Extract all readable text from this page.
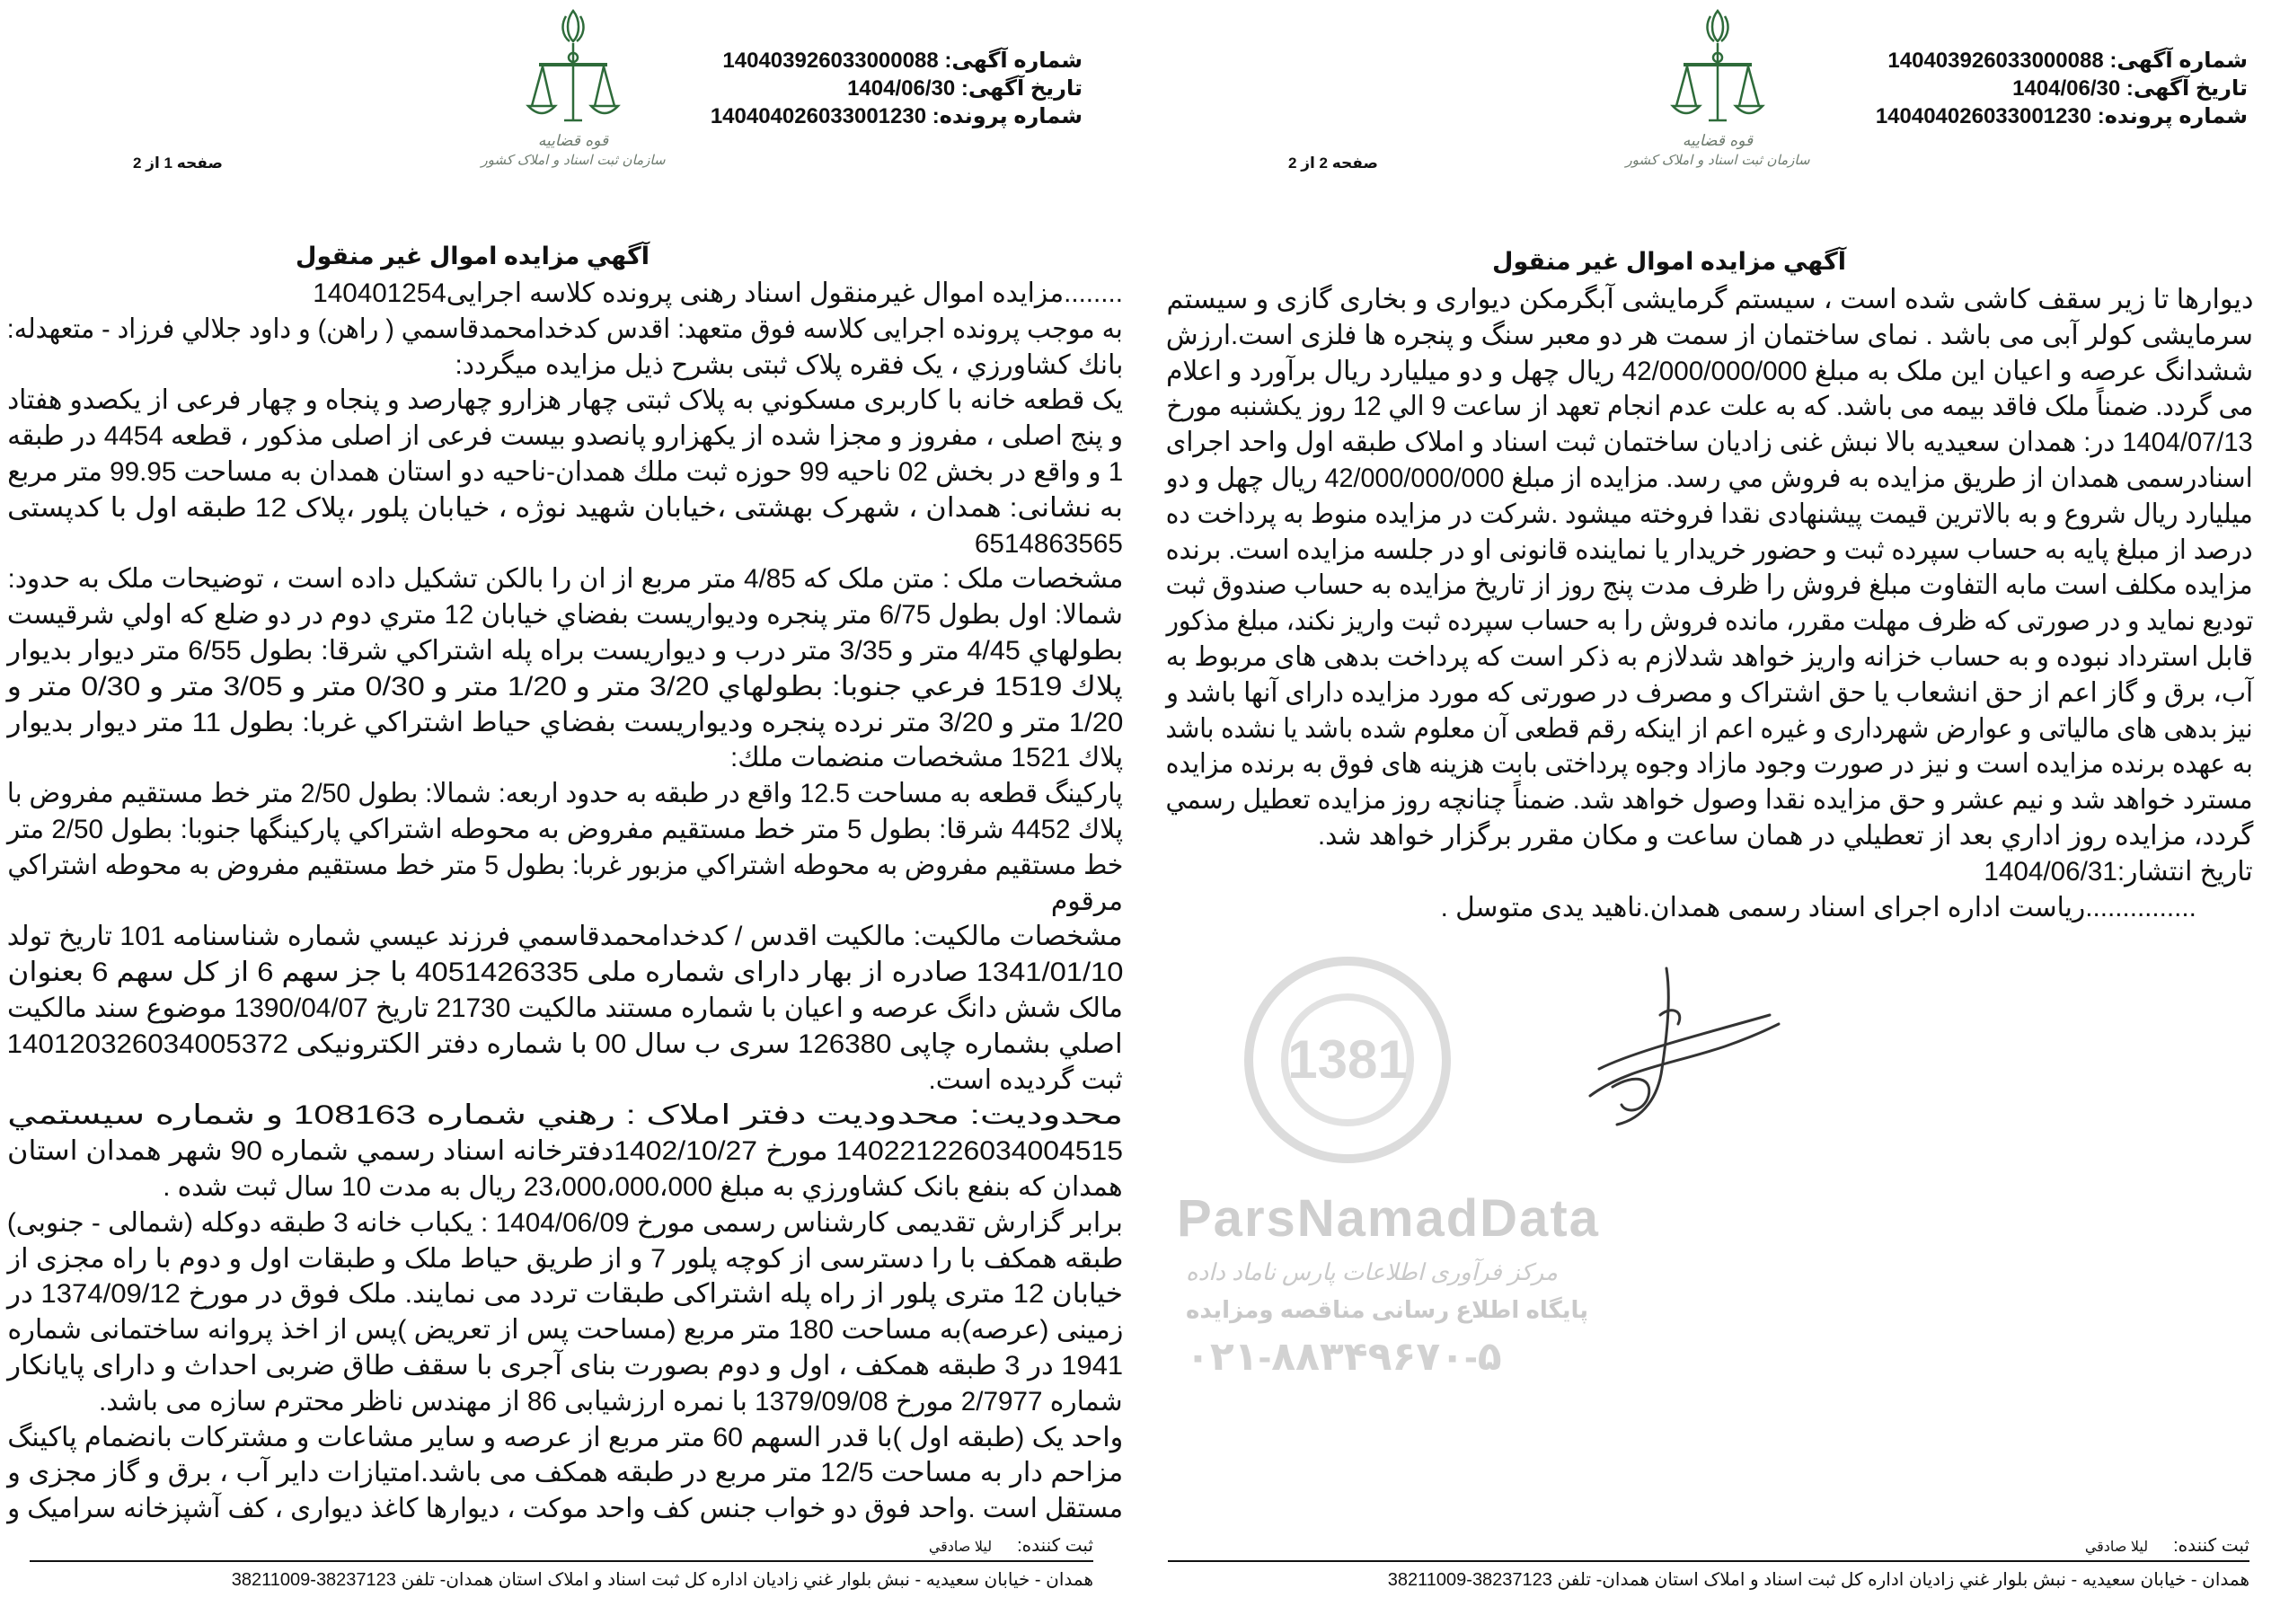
1381
ParsNamadData
مرکز فرآوری اطلاعات پارس ناماد داده
پایگاه اطلاع رسانی مناقصه ومزایده
۰۲۱-۸۸۳۴۹۶۷۰-۵
شماره آگهی: 140403926033000088
تاریخ آگهی: 1404/06/30
شماره پرونده: 140404026033001230
قوه قضاییه
سازمان ثبت اسناد و املاک کشور
صفحه 1 از 2
آگهي مزايده اموال غير منقول
........مزایده اموال غیرمنقول اسناد رهنی پرونده کلاسه اجرایی140401254
به موجب پرونده اجرایی کلاسه فوق متعهد: اقدس کدخدامحمدقاسمي ( راهن) و داود جلالي فرزاد - متعهدله:
بانك کشاورزي ، یک فقره پلاک ثبتی بشرح ذیل مزایده میگردد:
یک قطعه خانه با کاربری مسکوني به پلاک ثبتی چهار هزارو چهارصد و پنجاه و چهار فرعی از یکصدو هفتاد
و پنج اصلی ، مفروز و مجزا شده از یکهزارو پانصدو بیست فرعی از اصلی مذکور ، قطعه 4454 در طبقه
1 و واقع در بخش 02 ناحیه 99 حوزه ثبت ملك همدان-ناحیه دو استان همدان به مساحت 99.95 متر مربع
به نشانی: همدان ، شهرک بهشتی ،خیابان شهید نوژه ، خیابان پلور ،پلاک 12 طبقه اول با کدپستی
6514863565
مشخصات ملک : متن ملک که 4/85 متر مربع از ان را بالکن تشکیل داده است ، توضیحات ملک به حدود:
شمالا: اول بطول 6/75 متر پنجره وديواريست بفضاي خيابان 12 متري دوم در دو ضلع که اولي شرقيست
بطولهاي 4/45 متر و 3/35 متر درب و ديواريست براه پله اشتراکي شرقا: بطول 6/55 متر ديوار بديوار
پلاك 1519 فرعي جنوبا: بطولهاي 3/20 متر و 1/20 متر و 0/30 متر و 3/05 متر و 0/30 متر و
1/20 متر و 3/20 متر نرده پنجره وديواريست بفضاي حياط اشتراکي غربا: بطول 11 متر ديوار بديوار
پلاك 1521 مشخصات منضمات ملك:
پارکینگ قطعه به مساحت 12.5 واقع در طبقه به حدود اربعه: شمالا: بطول 2/50 متر خط مستقیم مفروض با
پلاك 4452 شرقا: بطول 5 متر خط مستقيم مفروض به محوطه اشتراکي پارکينگها جنوبا: بطول 2/50 متر
خط مستقيم مفروض به محوطه اشتراکي مزبور غربا: بطول 5 متر خط مستقيم مفروض به محوطه اشتراکي
مرقوم
مشخصات مالکیت: مالکیت اقدس / کدخدامحمدقاسمي فرزند عيسي شماره شناسنامه 101 تاريخ تولد
1341/01/10 صادره از بهار دارای شماره ملی 4051426335 با جز سهم 6 از کل سهم 6 بعنوان
مالک شش دانگ عرصه و اعیان با شماره مستند مالکیت 21730 تاریخ 1390/04/07 موضوع سند مالکیت
اصلي بشماره چاپی 126380 سری ب سال 00 با شماره دفتر الکترونیکی 140120326034005372
ثبت گردیده است.
محدودیت: محدوديت دفتر املاک : رهني شماره 108163 و شماره سيستمي
140221226034004515 مورخ 1402/10/27دفترخانه اسناد رسمي شماره 90 شهر همدان استان
همدان که بنفع بانک کشاورزي به مبلغ 23،000،000،000 ريال به مدت 10 سال ثبت شده .
برابر گزارش تقدیمی کارشناس رسمی مورخ 1404/06/09 : یکباب خانه 3 طبقه دوکله (شمالی - جنوبی)
طبقه همکف با را دسترسی از کوچه پلور 7 و از طریق حیاط ملک و طبقات اول و دوم با راه مجزی از
خیابان 12 متری پلور از راه پله اشتراکی طبقات تردد می نمایند. ملک فوق در مورخ 1374/09/12 در
زمینی (عرصه)به مساحت 180 متر مربع (مساحت پس از تعریض )پس از اخذ پروانه ساختمانی شماره
1941 در 3 طبقه همکف ، اول و دوم بصورت بنای آجری با سقف طاق ضربی احداث و دارای پایانکار
شماره 2/7977 مورخ 1379/09/08 با نمره ارزشیابی 86 از مهندس ناظر محترم سازه می باشد.
واحد یک (طبقه اول )با قدر السهم 60 متر مربع از عرصه و سایر مشاعات و مشترکات بانضمام پاکینگ
مزاحم دار به مساحت 12/5 متر مربع در طبقه همکف می باشد.امتیازات دایر آب ، برق و گاز مجزی و
مستقل است .واحد فوق دو خواب جنس کف واحد موکت ، دیوارها کاغذ دیواری ، کف آشپزخانه سرامیک و
ثبت کننده:لیلا صادقي
همدان - خیابان سعیدیه - نبش بلوار غني زادیان اداره کل ثبت اسناد و املاک استان همدان- تلفن 38237123-38211009
شماره آگهی: 140403926033000088
تاریخ آگهی: 1404/06/30
شماره پرونده: 140404026033001230
قوه قضاییه
سازمان ثبت اسناد و املاک کشور
صفحه 2 از 2
آگهي مزايده اموال غير منقول
دیوارها تا زیر سقف کاشی شده است ، سیستم گرمایشی آبگرمکن دیواری و بخاری گازی و سیستم
سرمایشی کولر آبی می باشد . نمای ساختمان از سمت هر دو معبر سنگ و پنجره ها فلزی است.ارزش
ششدانگ عرصه و اعیان این ملک به مبلغ 42/000/000/000 ریال چهل و دو میلیارد ریال برآورد و اعلام
می گردد. ضمناً ملک فاقد بیمه می باشد. که به علت عدم انجام تعهد از ساعت 9 الي 12 روز یکشنبه مورخ
1404/07/13 در: همدان سعیدیه بالا نبش غنی زادیان ساختمان ثبت اسناد و املاک طبقه اول واحد اجرای
اسنادرسمی همدان از طریق مزایده به فروش مي رسد. مزایده از مبلغ 42/000/000/000 ریال چهل و دو
میلیارد ریال شروع و به بالاترین قیمت پیشنهادی نقدا فروخته میشود .شرکت در مزایده منوط به پرداخت ده
درصد از مبلغ پایه به حساب سپرده ثبت و حضور خریدار یا نماینده قانونی او در جلسه مزایده است. برنده
مزایده مکلف است مابه التفاوت مبلغ فروش را ظرف مدت پنج روز از تاریخ مزایده به حساب صندوق ثبت
توديع نماید و در صورتی که ظرف مهلت مقرر، مانده فروش را به حساب سپرده ثبت واریز نکند، مبلغ مذکور
قابل استرداد نبوده و به حساب خزانه واریز خواهد شدلازم به ذکر است که پرداخت بدهی های مربوط به
آب، برق و گاز اعم از حق انشعاب یا حق اشتراک و مصرف در صورتی که مورد مزایده دارای آنها باشد و
نیز بدهی های مالیاتی و عوارض شهرداری و غیره اعم از اینکه رقم قطعی آن معلوم شده باشد یا نشده باشد
به عهده برنده مزایده است و نیز در صورت وجود مازاد وجوه پرداختی بابت هزینه های فوق به برنده مزایده
مسترد خواهد شد و نیم عشر و حق مزایده نقدا وصول خواهد شد. ضمناً چنانچه روز مزایده تعطیل رسمي
گردد، مزایده روز اداري بعد از تعطیلي در همان ساعت و مکان مقرر برگزار خواهد شد.
تاریخ انتشار:1404/06/31
...............ریاست اداره اجرای اسناد رسمی همدان.ناهید یدی متوسل .
ثبت کننده:لیلا صادقي
همدان - خیابان سعیدیه - نبش بلوار غني زادیان اداره کل ثبت اسناد و املاک استان همدان- تلفن 38237123-38211009
